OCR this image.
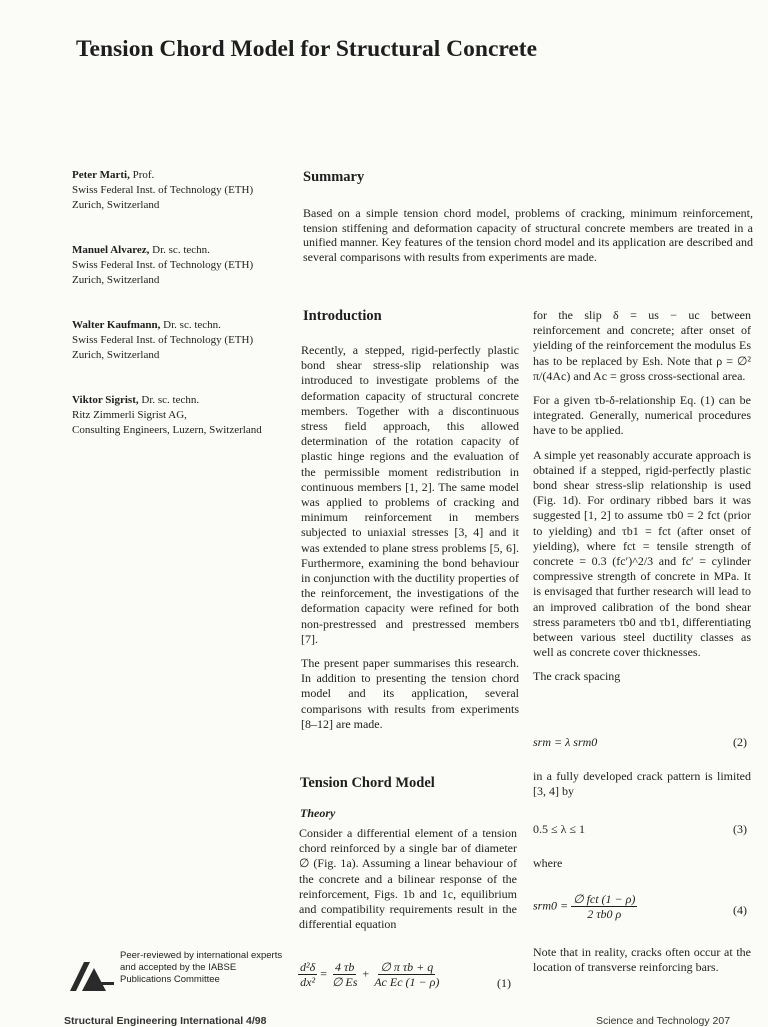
Tension Chord Model for Structural Concrete
Peter Marti, Prof.

Swiss Federal Inst. of Technology (ETH)

Zurich, Switzerland

Manuel Alvarez, Dr. sc. techn.

Swiss Federal Inst. of Technology (ETH)

Zurich, Switzerland

Walter Kaufmann, Dr. sc. techn.

Swiss Federal Inst. of Technology (ETH)

Zurich, Switzerland

Viktor Sigrist, Dr. sc. techn.

Ritz Zimmerli Sigrist AG,

Consulting Engineers, Luzern, Switzerland

Summary

Based on a simple tension chord model, problems of cracking, minimum reinforcement, tension stiffening and deformation capacity of structural concrete members are treated in a unified manner. Key features of the tension chord model and its application are described and several comparisons with results from experiments are made.

Introduction

Recently, a stepped, rigid-perfectly plastic bond shear stress-slip relationship was introduced to investigate problems of the deformation capacity of structural concrete members. Together with a discontinuous stress field approach, this allowed determination of the rotation capacity of plastic hinge regions and the evaluation of the permissible moment redistribution in continuous members [1, 2]. The same model was applied to problems of cracking and minimum reinforcement in members subjected to uniaxial stresses [3, 4] and it was extended to plane stress problems [5, 6]. Furthermore, examining the bond behaviour in conjunction with the ductility properties of the reinforcement, the investigations of the deformation capacity were refined for both non-prestressed and prestressed members [7].

The present paper summarises this research. In addition to presenting the tension chord model and its application, several comparisons with results from experiments [8–12] are made.

Tension Chord Model
Theory

Consider a differential element of a tension chord reinforced by a single bar of diameter ∅ (Fig. 1a). Assuming a linear behaviour of the concrete and a bilinear response of the reinforcement, Figs. 1b and 1c, equilibrium and compatibility requirements result in the differential equation

$\frac{\text{d²δ}}{\text{dx²}} = \frac{4 \tau b}{\emptyset Es} + \frac{\text{∅ π τb + q}}{\text{Ac Ec (1 − ρ)}}$	(1)

for the slip δ = us − uc between reinforcement and concrete; after onset of yielding of the reinforcement the modulus Es has to be replaced by Esh. Note that ρ = ∅² π/(4Ac) and Ac = gross cross-sectional area.

For a given τb-δ-relationship Eq. (1) can be integrated. Generally, numerical procedures have to be applied.

A simple yet reasonably accurate approach is obtained if a stepped, rigid-perfectly plastic bond shear stress-slip relationship is used (Fig. 1d). For ordinary ribbed bars it was suggested [1, 2] to assume τb0 = 2 fct (prior to yielding) and τb1 = fct (after onset of yielding), where fct = tensile strength of concrete = 0.3 (fc′)^2/3 and fc′ = cylinder compressive strength of concrete in MPa. It is envisaged that further research will lead to an improved calibration of the bond shear stress parameters τb0 and τb1, differentiating between various steel ductility classes as well as concrete cover thicknesses.

The crack spacing

srm = λ srm0	(2)

in a fully developed crack pattern is limited [3, 4] by

0.5 ≤ λ ≤ 1	(3)

where

$srm0 = \frac{\text{∅ fct (1 − ρ)}}{2 \tau b0 \rho}$	(4)

Note that in reality, cracks often occur at the location of transverse reinforcing bars.

Peer-reviewed by international experts and accepted by the IABSE Publications Committee
Structural Engineering International 4/98	Science and Technology 207
